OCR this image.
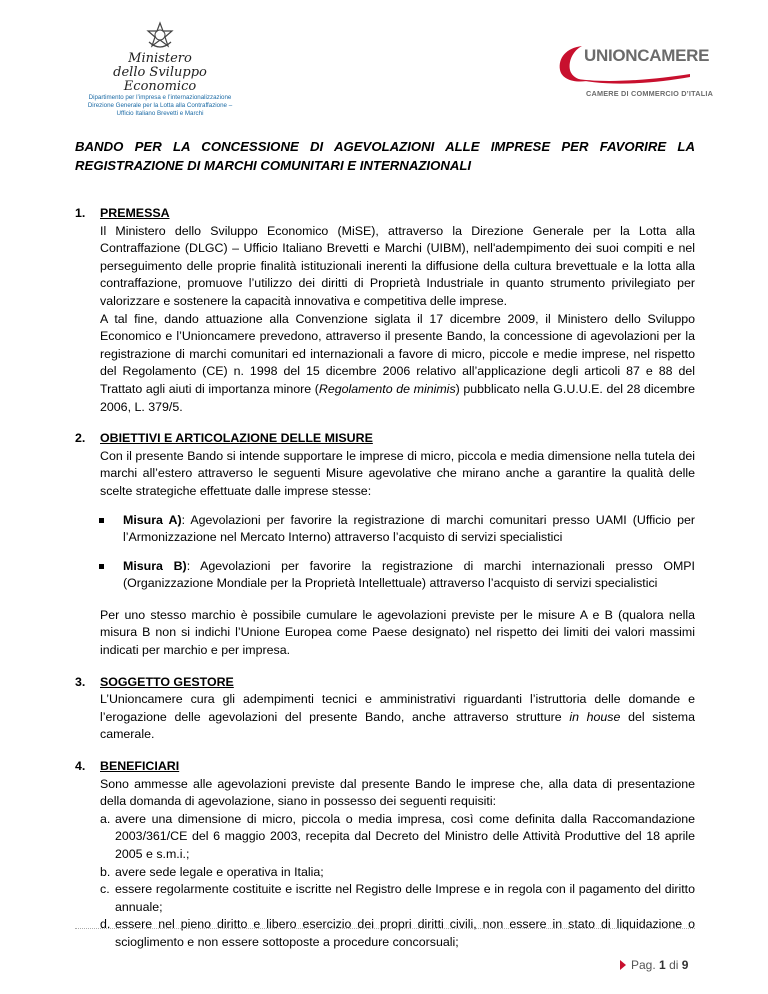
Ministero
dello Sviluppo Economico
Dipartimento per l’impresa e l’internazionalizzazione
Direzione Generale per la Lotta alla Contraffazione –
Ufficio Italiano Brevetti e Marchi
UNIONCAMERE
CAMERE DI COMMERCIO D’ITALIA
BANDO PER LA CONCESSIONE DI AGEVOLAZIONI ALLE IMPRESE PER FAVORIRE LA
REGISTRAZIONE DI MARCHI COMUNITARI E INTERNAZIONALI
1. PREMESSA
Il Ministero dello Sviluppo Economico (MiSE), attraverso la Direzione Generale per la Lotta alla Contraffazione (DLGC) – Ufficio Italiano Brevetti e Marchi (UIBM), nell'adempimento dei suoi compiti e nel perseguimento delle proprie finalità istituzionali inerenti la diffusione della cultura brevettuale e la lotta alla contraffazione, promuove l’utilizzo dei diritti di Proprietà Industriale in quanto strumento privilegiato per valorizzare e sostenere la capacità innovativa e competitiva delle imprese.
A tal fine, dando attuazione alla Convenzione siglata il 17 dicembre 2009, il Ministero dello Sviluppo Economico e l’Unioncamere prevedono, attraverso il presente Bando, la concessione di agevolazioni per la registrazione di marchi comunitari ed internazionali a favore di micro, piccole e medie imprese, nel rispetto del Regolamento (CE) n. 1998 del 15 dicembre 2006 relativo all’applicazione degli articoli 87 e 88 del Trattato agli aiuti di importanza minore (Regolamento de minimis) pubblicato nella G.U.U.E. del 28 dicembre 2006, L. 379/5.
2. OBIETTIVI E ARTICOLAZIONE DELLE MISURE
Con il presente Bando si intende supportare le imprese di micro, piccola e media dimensione nella tutela dei marchi all’estero attraverso le seguenti Misure agevolative che mirano anche a garantire la qualità delle scelte strategiche effettuate dalle imprese stesse:
Misura A): Agevolazioni per favorire la registrazione di marchi comunitari presso UAMI (Ufficio per l’Armonizzazione nel Mercato Interno) attraverso l’acquisto di servizi specialistici
Misura B): Agevolazioni per favorire la registrazione di marchi internazionali presso OMPI (Organizzazione Mondiale per la Proprietà Intellettuale) attraverso l’acquisto di servizi specialistici
Per uno stesso marchio è possibile cumulare le agevolazioni previste per le misure A e B (qualora nella misura B non si indichi l’Unione Europea come Paese designato) nel rispetto dei limiti dei valori massimi indicati per marchio e per impresa.
3. SOGGETTO GESTORE
L’Unioncamere cura gli adempimenti tecnici e amministrativi riguardanti l’istruttoria delle domande e l’erogazione delle agevolazioni del presente Bando, anche attraverso strutture in house del sistema camerale.
4. BENEFICIARI
Sono ammesse alle agevolazioni previste dal presente Bando le imprese che, alla data di presentazione della domanda di agevolazione, siano in possesso dei seguenti requisiti:
a. avere una dimensione di micro, piccola o media impresa, così come definita dalla Raccomandazione 2003/361/CE del 6 maggio 2003, recepita dal Decreto del Ministro delle Attività Produttive del 18 aprile 2005 e s.m.i.;
b. avere sede legale e operativa in Italia;
c. essere regolarmente costituite e iscritte nel Registro delle Imprese e in regola con il pagamento del diritto annuale;
d. essere nel pieno diritto e libero esercizio dei propri diritti civili, non essere in stato di liquidazione o scioglimento e non essere sottoposte a procedure concorsuali;
Pag. 1 di 9
